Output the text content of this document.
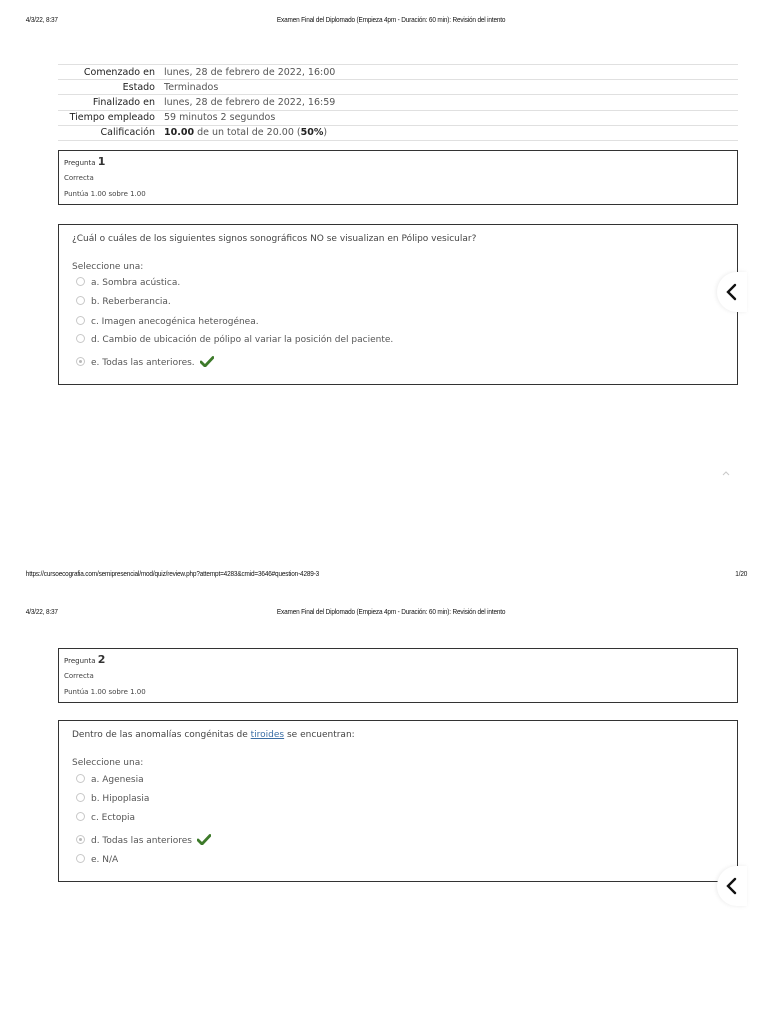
4/3/22, 8:37	Examen Final del Diplomado (Empieza 4pm - Duración: 60 min): Revisión del intento
Comenzado en	lunes, 28 de febrero de 2022, 16:00
Estado	Terminados
Finalizado en	lunes, 28 de febrero de 2022, 16:59
Tiempo empleado	59 minutos 2 segundos
Calificación	10.00 de un total de 20.00 (50%)
Pregunta 1
Correcta
Puntúa 1.00 sobre 1.00
¿Cuál o cuáles de los siguientes signos sonográficos NO se visualizan en Pólipo vesicular?
Seleccione una:
a. Sombra acústica.
b. Reberberancia.
c. Imagen anecogénica heterogénea.
d. Cambio de ubicación de pólipo al variar la posición del paciente.
e. Todas las anteriores.
https://cursoecografia.com/semipresencial/mod/quiz/review.php?attempt=4283&cmid=3646#question-4289-3	1/20
4/3/22, 8:37	Examen Final del Diplomado (Empieza 4pm - Duración: 60 min): Revisión del intento
Pregunta 2
Correcta
Puntúa 1.00 sobre 1.00
Dentro de las anomalías congénitas de tiroides se encuentran:
Seleccione una:
a. Agenesia
b. Hipoplasia
c. Ectopia
d. Todas las anteriores
e. N/A
